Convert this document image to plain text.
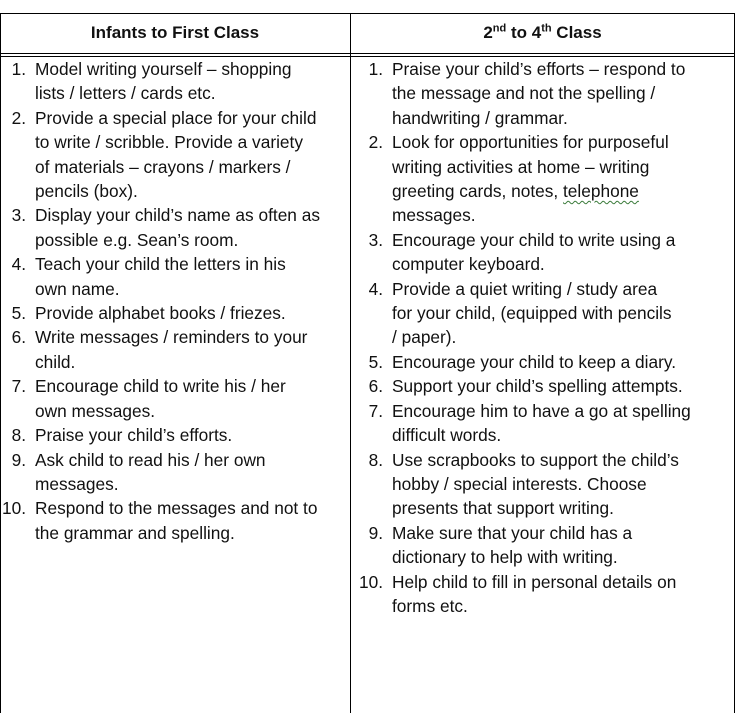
Infants to First Class	2nd to 4th Class
1. Model writing yourself – shopping
lists / letters / cards etc.
2. Provide a special place for your child
to write / scribble. Provide a variety
of materials – crayons / markers /
pencils (box).
3. Display your child’s name as often as
possible e.g. Sean’s room.
4. Teach your child the letters in his
own name.
5. Provide alphabet books / friezes.
6. Write messages / reminders to your
child.
7. Encourage child to write his / her
own messages.
8. Praise your child’s efforts.
9. Ask child to read his / her own
messages.
10. Respond to the messages and not to
the grammar and spelling.
1. Praise your child’s efforts – respond to
the message and not the spelling /
handwriting / grammar.
2. Look for opportunities for purposeful
writing activities at home – writing
greeting cards, notes, telephone
messages.
3. Encourage your child to write using a
computer keyboard.
4. Provide a quiet writing / study area
for your child, (equipped with pencils
/ paper).
5. Encourage your child to keep a diary.
6. Support your child’s spelling attempts.
7. Encourage him to have a go at spelling
difficult words.
8. Use scrapbooks to support the child’s
hobby / special interests. Choose
presents that support writing.
9. Make sure that your child has a
dictionary to help with writing.
10. Help child to fill in personal details on
forms etc.
